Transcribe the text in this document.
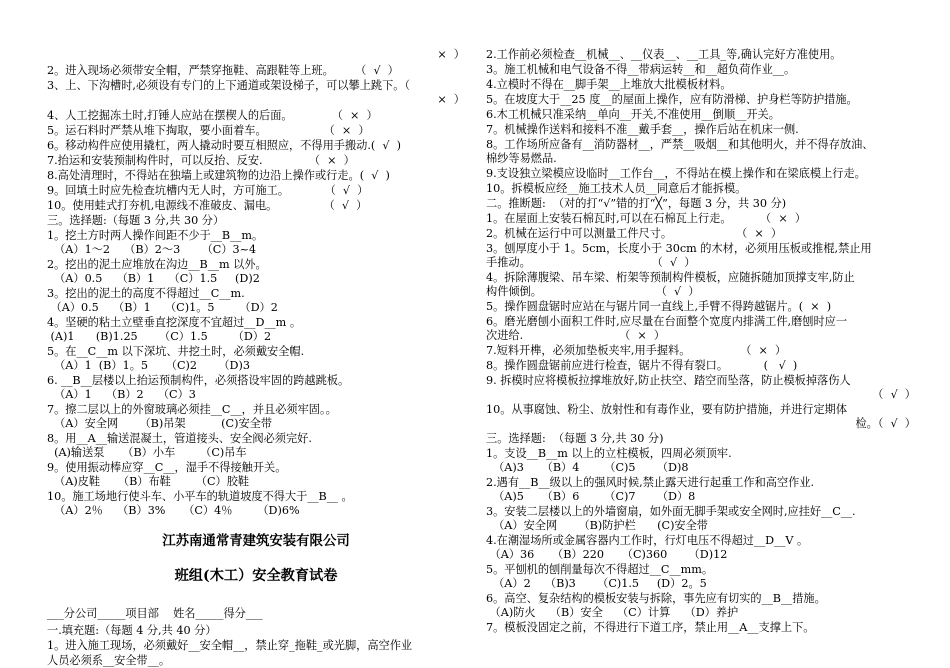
×  ）
2。进入现场必须带安全帽，严禁穿拖鞋、高跟鞋等上班。      （  √  ）
3、上、下沟槽时,必须设有专门的上下通道或架设梯子，可以攀上跳下。（
×  ）
4、人工挖掘冻土时,打锤人应站在摆楔人的后面。           （  ×  ）
5。运石料时严禁从堆下掏取，要小面着车。                （  ×  ）
6。移动构件应使用撬杠，两人撬动时要互相照应，不得用手搬动.(  √  )
7.抬运和安装预制构件时，可以反抬、反安.             （  ×  ）
8.高处清理时，不得站在独墙上或建筑物的边沿上操作或行走。(  √  )
9。回填土时应先检查坑槽内无人时，方可施工。          （  √  ）
10。使用蛙式打夯机,电源线不准破皮、漏电。             （  √  ）
三。选择题:（每题 3 分,共 30 分）
1。挖土方时两人操作间距不少于__B__m。
（A）1～2    （B）2～3      （C）3~4
2。挖出的泥土应堆放在沟边__B__m 以外。
（A）0.5    （B）1    （C）1.5     (D)2
3。挖出的泥土的高度不得超过__C__m.
（A）0.5    （B）1    （C)1。5       （D）2
4。坚硬的粘土立壁垂直挖深度不宜超过__D__m 。
(A)1      (B)1.25      （C）1.5       （D）2
5。在__C__m 以下深坑、井挖土时，必须戴安全帽.
（A）1  (B）1。5     （C)2      （D)3
6. __B__层楼以上抬运预制构件，必须搭设牢固的跨越跳板。
（A）1    （B）2    （C）3
7。擦二层以上的外窗玻璃必须挂__C__，并且必须牢固。。
（A）安全网      （B)吊架          (C)安全带
8。用__A__输送混凝土，管道接头、安全阀必须完好.
(A)输送泵     （B）小车       （C)吊车
9。使用振动棒应穿__C__，湿手不得接触开关。
（A)皮鞋     （B）布鞋       （C）胶鞋
10。施工场地行使斗车、小平车的轨道坡度不得大于__B__ 。
（A）2％    （B）3%     （C）4％       （D)6%
江苏南通常青建筑安装有限公司
班组(木工）安全教育试卷
___分公司_____项目部    姓名_____得分___
一.填充题:（每题 4 分,共 40 分）
1。进入施工现场，必须戴好__安全帽__，禁止穿_拖鞋_或光脚，高空作业
人员必须系__安全带__。
2.工作前必须检查__机械__、__仪表__、__工具_等,确认完好方准使用。
3。施工机械和电气设备不得__带病运转__和__超负荷作业__。
4.立模时不得在__脚手架__上堆放大批模板材料。
5。在坡度大于__25 度__的屋面上操作，应有防滑梯、护身栏等防护措施。
6.木工机械只准采纳__单向__开关,不准使用__倒顺__开关。
7。机械操作送料和接料不准__戴手套__，操作后站在机床一侧.
8。工作场所应备有__消防器材__，严禁__吸烟__和其他明火，并不得存放油、
棉纱等易燃品.
9.支设独立梁模应设临时__工作台__，不得站在模上操作和在梁底模上行走。
10。拆模板应经__施工技术人员__同意后才能拆模。
二。推断题:  （对的打“√”错的打“╳”，每题 3 分，共 30 分)
1。在屋面上安装石棉瓦时,可以在石棉瓦上行走。        （  ×  ）
2。机械在运行中可以测量工件尺寸。                  （  ×  ）
3。刨厚度小于 1。5cm，长度小于 30cm 的木材，必须用压板或推棍,禁止用
手推动。                                  （  √  ）
4。拆除薄腹梁、吊车梁、桁架等预制构件模板，应随拆随加顶撑支牢,防止
构件倾倒。                                （  √  ）
5。操作圆盘锯时应站在与锯片同一直线上,手臂不得跨越锯片。(  ×  )
6。磨光磨刨小面积工件时,应尽量在台面整个宽度内排满工件,磨刨时应一
次进给.                           （  ×  ）
7.短料开榫，必须加垫板夹牢,用手握料。              （  ×  ）
8。操作圆盘锯前应进行检查，锯片不得有裂口。          (   √  )
9. 拆模时应将模板拉撑堆放好,防止扶空、踏空而坠落，防止模板掉落伤人
（  √  ）
10。从事腐蚀、粉尘、放射性和有毒作业，要有防护措施，并进行定期体
检。（  √  ）
三。选择题:  （每题 3 分,共 30 分)
1。支设__B__m 以上的立柱模板，四周必须顶牢.
（A)3     （B）4       （C)5      （D)8
2.遇有__B__级以上的强风时候,禁止露天进行起重工作和高空作业.
（A)5     （B）6       （C)7      （D）8
3。安装二层楼以上的外墙窗扇，如外面无脚手架或安全网时,应挂好__C__.
（A）安全网      （B)防护栏      (C)安全带
4.在潮湿场所或金属容器内工作时，行灯电压不得超过__D__V 。
（A）36     （B）220     （C)360      （D)12
5。平刨机的刨削量每次不得超过__C__mm。
（A）2    （B)3      （C)1.5     (D）2。5
6。高空、复杂结构的模板安装与拆除，事先应有切实的__B__措施。
（A)防火    （B）安全    （C）计算    （D）养护
7。模板没固定之前，不得进行下道工序，禁止用__A__支撑上下。
